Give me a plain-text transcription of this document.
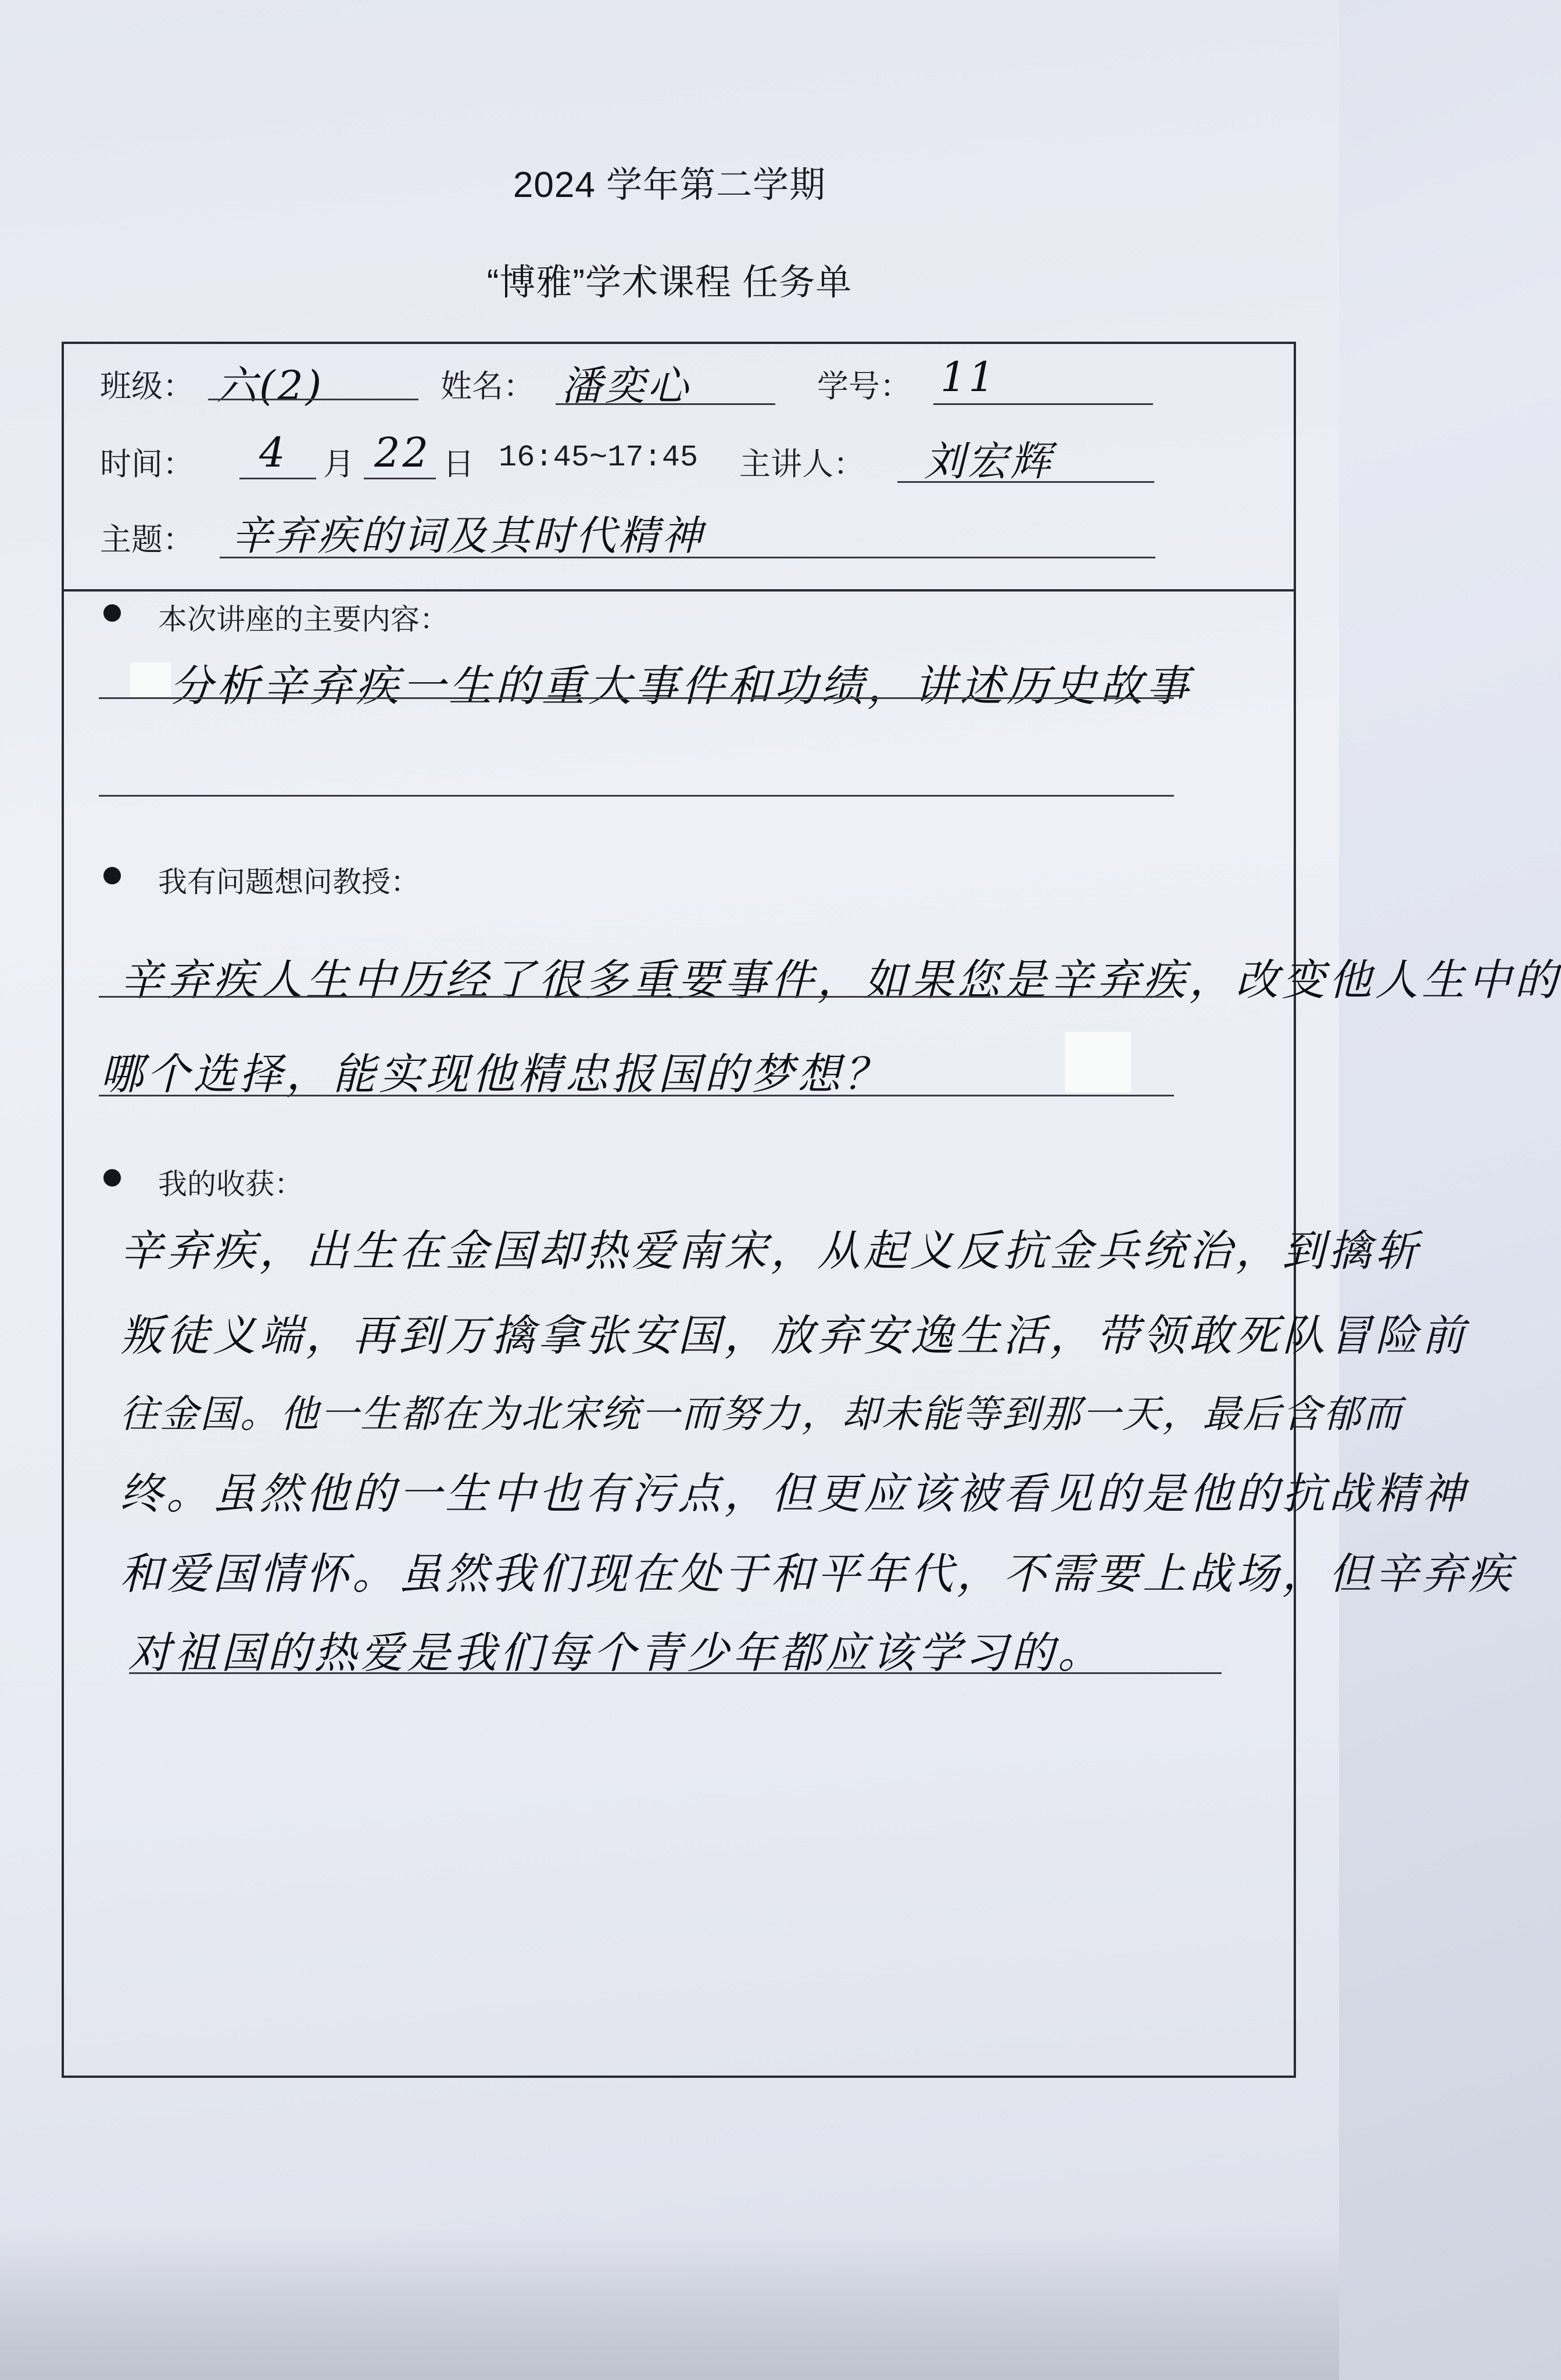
2024 学年第二学期
“博雅”学术课程 任务单
班级： 六(2)	姓名： 潘奕心	学号： 11
时间： 4 月 22 日 16:45~17:45 主讲人： 刘宏辉
主题： 辛弃疾的词及其时代精神
本次讲座的主要内容：
分析辛弃疾一生的重大事件和功绩，讲述历史故事
我有问题想问教授：
辛弃疾人生中历经了很多重要事件，如果您是辛弃疾，改变他人生中的
哪个选择，能实现他精忠报国的梦想？
我的收获：
辛弃疾，出生在金国却热爱南宋，从起义反抗金兵统治，到擒斩
叛徒义端，再到万擒拿张安国，放弃安逸生活，带领敢死队冒险前
往金国。他一生都在为北宋统一而努力，却未能等到那一天，最后含郁而
终。虽然他的一生中也有污点，但更应该被看见的是他的抗战精神
和爱国情怀。虽然我们现在处于和平年代，不需要上战场，但辛弃疾
对祖国的热爱是我们每个青少年都应该学习的。
